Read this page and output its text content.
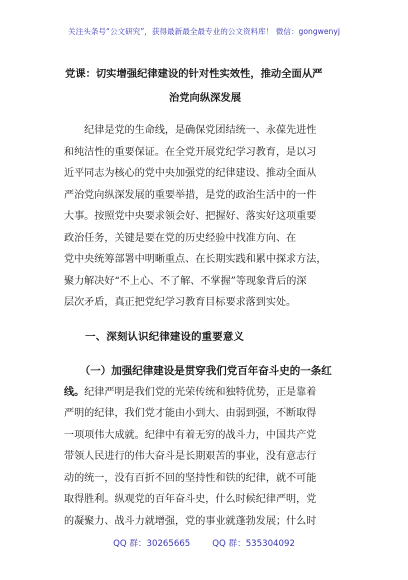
关注头条号“公文研究”，获得最新最全最专业的公文资料库！ 微信：gongwenyj
党课：切实增强纪律建设的针对性实效性，推动全面从严
治党向纵深发展
　　纪律是党的生命线，是确保党团结统一、永葆先进性
和纯洁性的重要保证。在全党开展党纪学习教育，是以习
近平同志为核心的党中央加强党的纪律建设、推动全面从
严治党向纵深发展的重要举措，是党的政治生活中的一件
大事。按照党中央要求领会好、把握好、落实好这项重要
政治任务，关键是要在党的历史经验中找准方向、在
党中央统筹部署中明晰重点、在长期实践和累中探求方法，
聚力解决好“不上心、不了解、不掌握”等现象背后的深
层次矛盾，真正把党纪学习教育目标要求落到实处。
　　一、深刻认识纪律建设的重要意义
　　（一）加强纪律建设是贯穿我们党百年奋斗史的一条红
线。纪律严明是我们党的光荣传统和独特优势，正是靠着
严明的纪律，我们党才能由小到大、由弱到强，不断取得
一项项伟大成就。纪律中有着无穷的战斗力，中国共产党
带领人民进行的伟大奋斗是长期艰苦的事业，没有意志行
动的统一，没有百折不回的坚持性和铁的纪律，就不可能
取得胜利。纵观党的百年奋斗史，什么时候纪律严明，党
的凝聚力、战斗力就增强，党的事业就蓬勃发展；什么时
QQ 群：30265665	QQ 群：535304092
